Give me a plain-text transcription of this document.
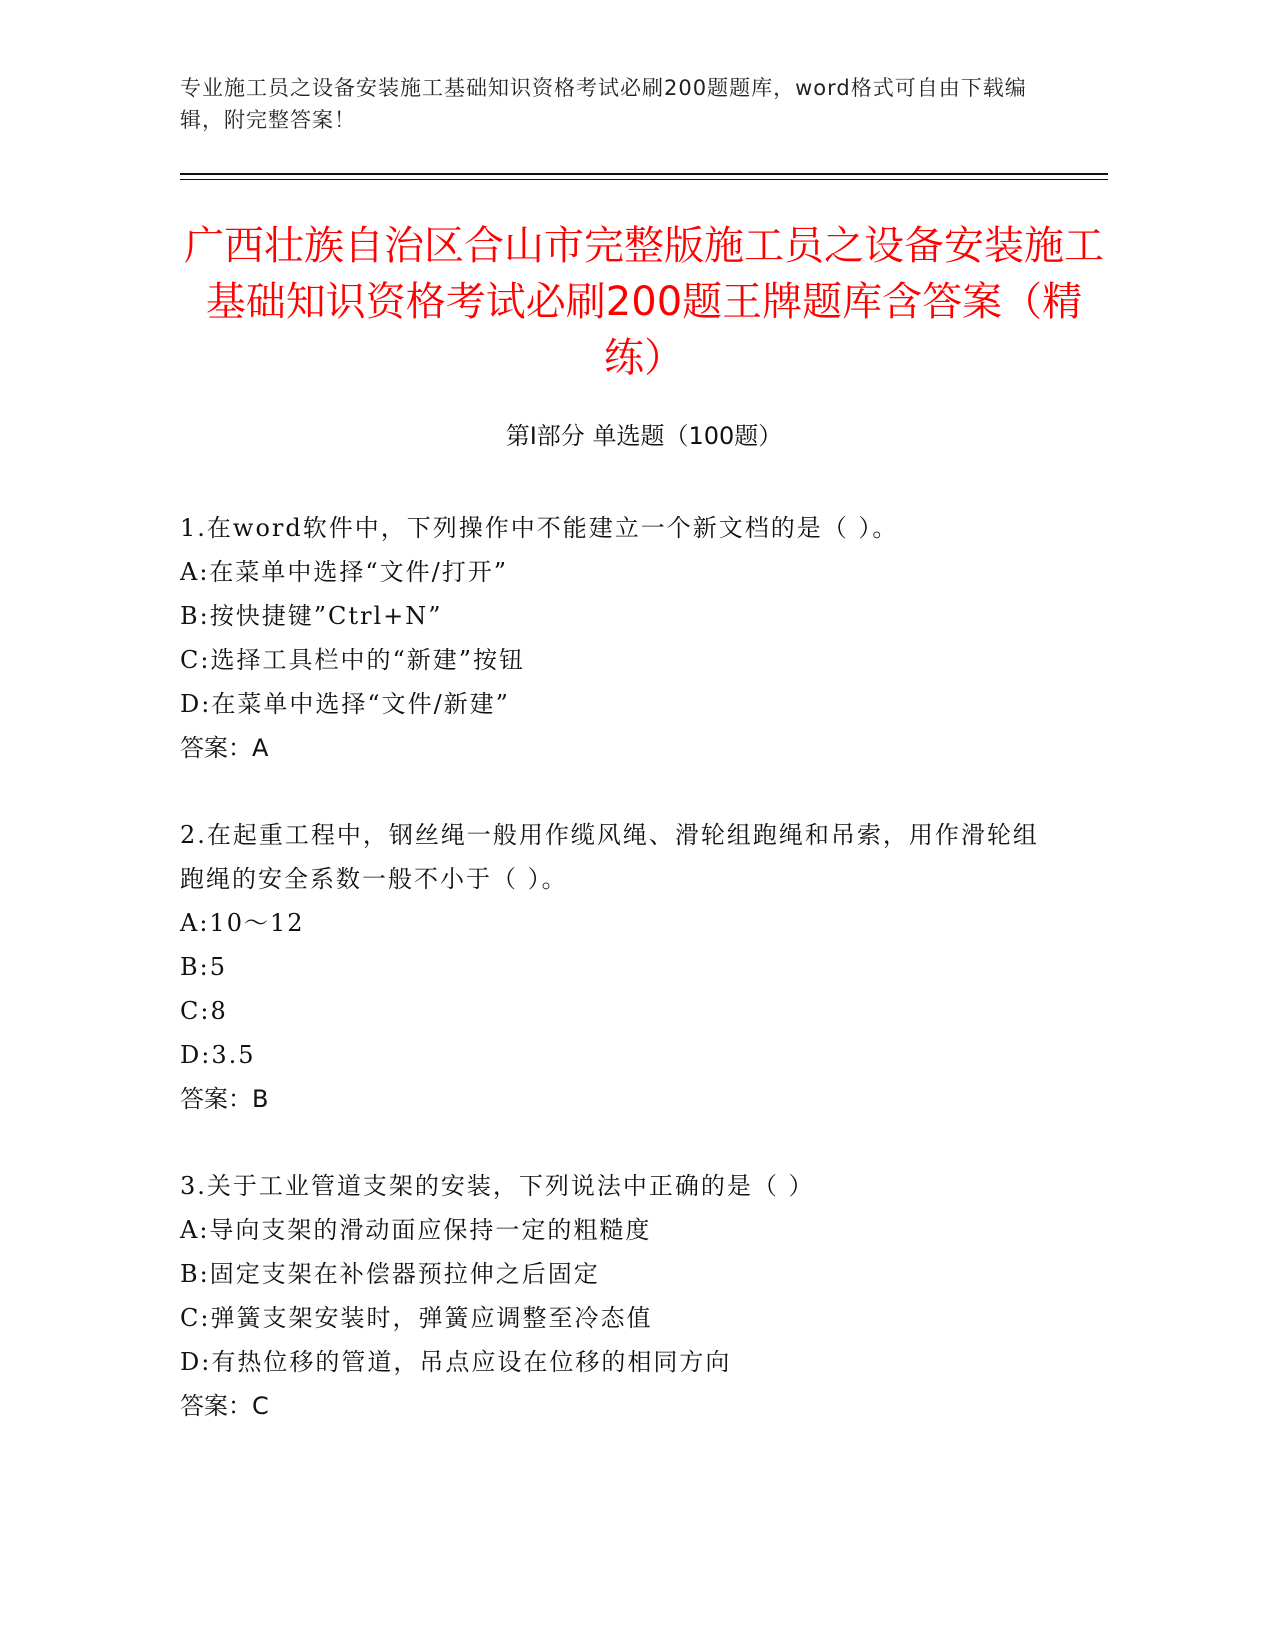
专业施工员之设备安装施工基础知识资格考试必刷200题题库，word格式可自由下载编辑，附完整答案！
广西壮族自治区合山市完整版施工员之设备安装施工基础知识资格考试必刷200题王牌题库含答案（精练）
第Ⅰ部分 单选题（100题）
1.在word软件中，下列操作中不能建立一个新文档的是（ ）。
A:在菜单中选择“文件/打开”
B:按快捷键”Ctrl+N”
C:选择工具栏中的“新建”按钮
D:在菜单中选择“文件/新建”
答案：A
2.在起重工程中，钢丝绳一般用作缆风绳、滑轮组跑绳和吊索，用作滑轮组跑绳的安全系数一般不小于（ ）。
A:10～12
B:5
C:8
D:3.5
答案：B
3.关于工业管道支架的安装，下列说法中正确的是（ ）
A:导向支架的滑动面应保持一定的粗糙度
B:固定支架在补偿器预拉伸之后固定
C:弹簧支架安装时，弹簧应调整至冷态值
D:有热位移的管道，吊点应设在位移的相同方向
答案：C
